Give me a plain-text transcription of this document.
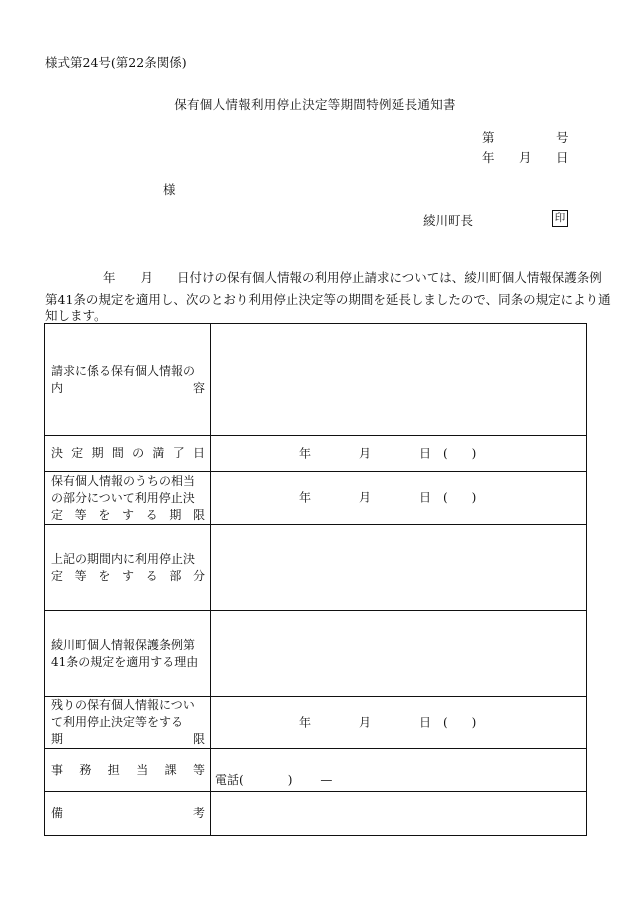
様式第24号(第22条関係)
保有個人情報利用停止決定等期間特例延長通知書
第	号
年 月 日
様
綾川町長	印
年 月 日付けの保有個人情報の利用停止請求については、綾川町個人情報保護条例
第41条の規定を適用し、次のとおり利用停止決定等の期間を延長しましたので、同条の規定により通
知します。
請求に係る保有個人情報の
内容	

決定期間の満了日	年 月 日 (　　)

保有個人情報のうちの相当
の部分について利用停止決
定等をする期限	年 月 日 (　　)

上記の期間内に利用停止決
定等をする部分	

綾川町個人情報保護条例第
41条の規定を適用する理由	

残りの保有個人情報につい
て利用停止決定等をする
期限	年 月 日 (　　)

事務担当課等	電話( ) —

備考	
